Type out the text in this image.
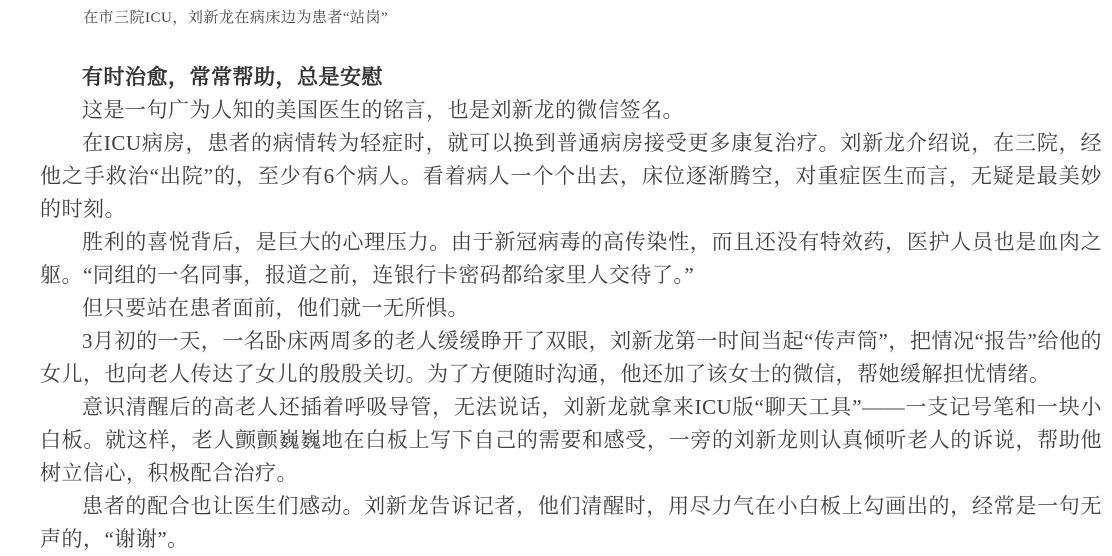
在市三院ICU，刘新龙在病床边为患者“站岗”

有时治愈，常常帮助，总是安慰

这是一句广为人知的美国医生的铭言，也是刘新龙的微信签名。

在ICU病房，患者的病情转为轻症时，就可以换到普通病房接受更多康复治疗。刘新龙介绍说，在三院，经他之手救治“出院”的，至少有6个病人。看着病人一个个出去，床位逐渐腾空，对重症医生而言，无疑是最美妙的时刻。

胜利的喜悦背后，是巨大的心理压力。由于新冠病毒的高传染性，而且还没有特效药，医护人员也是血肉之躯。“同组的一名同事，报道之前，连银行卡密码都给家里人交待了。”

但只要站在患者面前，他们就一无所惧。

3月初的一天，一名卧床两周多的老人缓缓睁开了双眼，刘新龙第一时间当起“传声筒”，把情况“报告”给他的女儿，也向老人传达了女儿的殷殷关切。为了方便随时沟通，他还加了该女士的微信，帮她缓解担忧情绪。

意识清醒后的高老人还插着呼吸导管，无法说话，刘新龙就拿来ICU版“聊天工具”——一支记号笔和一块小白板。就这样，老人颤颤巍巍地在白板上写下自己的需要和感受，一旁的刘新龙则认真倾听老人的诉说，帮助他树立信心，积极配合治疗。

患者的配合也让医生们感动。刘新龙告诉记者，他们清醒时，用尽力气在小白板上勾画出的，经常是一句无声的，“谢谢”。
